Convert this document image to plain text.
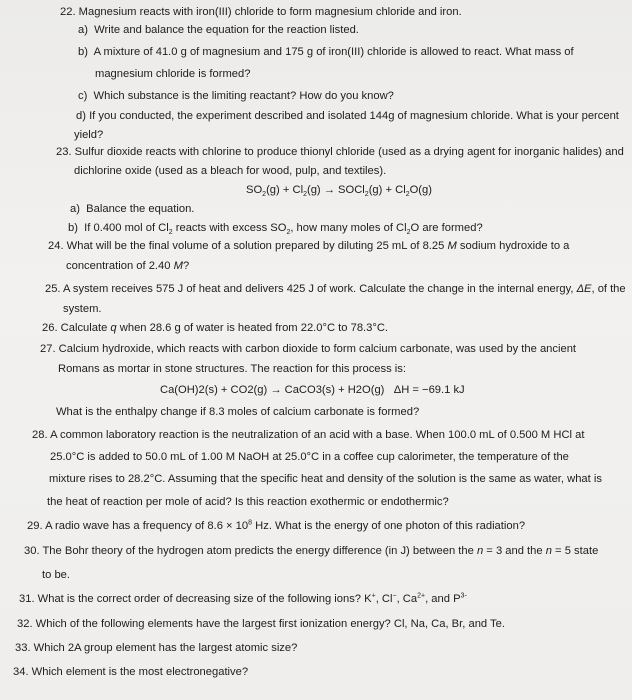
22. Magnesium reacts with iron(III) chloride to form magnesium chloride and iron.
a) Write and balance the equation for the reaction listed.
b) A mixture of 41.0 g of magnesium and 175 g of iron(III) chloride is allowed to react. What mass of
magnesium chloride is formed?
c) Which substance is the limiting reactant? How do you know?
d) If you conducted, the experiment described and isolated 144g of magnesium chloride. What is your percent
yield?
23. Sulfur dioxide reacts with chlorine to produce thionyl chloride (used as a drying agent for inorganic halides) and
dichlorine oxide (used as a bleach for wood, pulp, and textiles).
$SO_2(g) + Cl_2(g)$ → SOCl$_2$(g) + $Cl_2O(g)$
a) Balance the equation.
b) If 0.400 mol of $Cl_2$ reacts with excess $SO_2$, how many moles of $Cl_2O$ are formed?
24. What will be the final volume of a solution prepared by diluting 25 mL of 8.25 M sodium hydroxide to a
concentration of 2.40 M?
25. A system receives 575 J of heat and delivers 425 J of work. Calculate the change in the internal energy, ΔE, of the
system.
26. Calculate q when 28.6 g of water is heated from 22.0°C to 78.3°C.
27. Calcium hydroxide, which reacts with carbon dioxide to form calcium carbonate, was used by the ancient
Romans as mortar in stone structures. The reaction for this process is:
Ca(OH)2(s) + CO2(g) → CaCO3(s) + H2O(g) ΔH = −69.1 kJ
What is the enthalpy change if 8.3 moles of calcium carbonate is formed?
28. A common laboratory reaction is the neutralization of an acid with a base. When 100.0 mL of 0.500 M HCl at
25.0°C is added to 50.0 mL of 1.00 M NaOH at 25.0°C in a coffee cup calorimeter, the temperature of the
mixture rises to 28.2°C. Assuming that the specific heat and density of the solution is the same as water, what is
the heat of reaction per mole of acid? Is this reaction exothermic or endothermic?
29. A radio wave has a frequency of $8.6 \times 10^8$ Hz. What is the energy of one photon of this radiation?
30. The Bohr theory of the hydrogen atom predicts the energy difference (in J) between the n = 3 and the n = 5 state
to be.
31. What is the correct order of decreasing size of the following ions? K+, Cl−, $Ca^{2+}$, and $P^{3-}$
32. Which of the following elements have the largest first ionization energy? Cl, Na, Ca, Br, and Te.
33. Which 2A group element has the largest atomic size?
34. Which element is the most electronegative?
